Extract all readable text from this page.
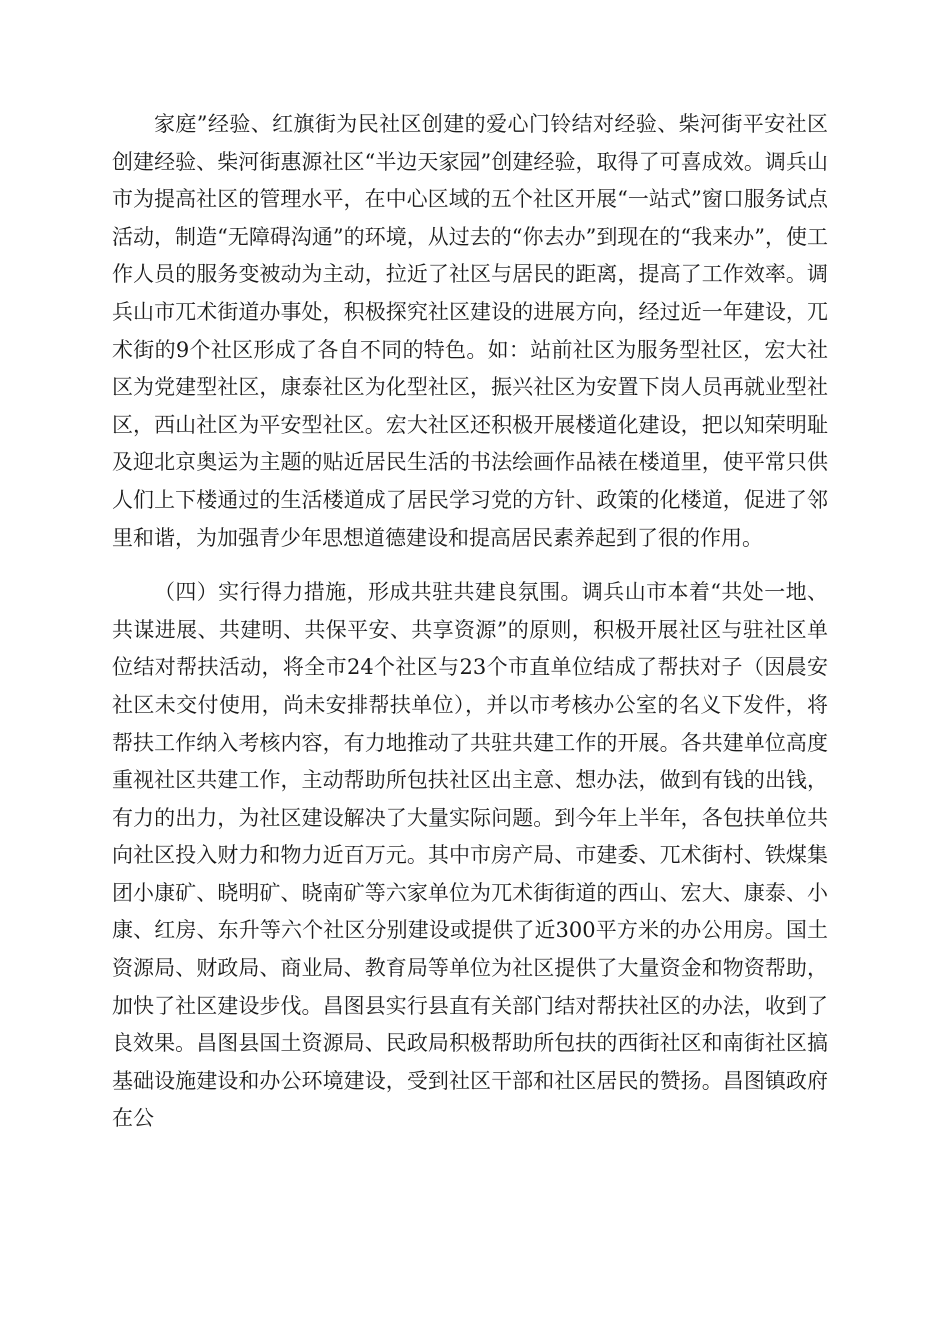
家庭”经验、红旗街为民社区创建的爱心门铃结对经验、柴河街平安社区创建经验、柴河街惠源社区“半边天家园”创建经验，取得了可喜成效。调兵山市为提高社区的管理水平，在中心区域的五个社区开展“一站式”窗口服务试点活动，制造“无障碍沟通”的环境，从过去的“你去办”到现在的“我来办”，使工作人员的服务变被动为主动，拉近了社区与居民的距离，提高了工作效率。调兵山市兀术街道办事处，积极探究社区建设的进展方向，经过近一年建设，兀术街的9个社区形成了各自不同的特色。如：站前社区为服务型社区，宏大社区为党建型社区，康泰社区为化型社区，振兴社区为安置下岗人员再就业型社区，西山社区为平安型社区。宏大社区还积极开展楼道化建设，把以知荣明耻及迎北京奥运为主题的贴近居民生活的书法绘画作品裱在楼道里，使平常只供人们上下楼通过的生活楼道成了居民学习党的方针、政策的化楼道，促进了邻里和谐，为加强青少年思想道德建设和提高居民素养起到了很的作用。

（四）实行得力措施，形成共驻共建良氛围。调兵山市本着“共处一地、共谋进展、共建明、共保平安、共享资源”的原则，积极开展社区与驻社区单位结对帮扶活动，将全市24个社区与23个市直单位结成了帮扶对子（因晨安社区未交付使用，尚未安排帮扶单位），并以市考核办公室的名义下发件，将帮扶工作纳入考核内容，有力地推动了共驻共建工作的开展。各共建单位高度重视社区共建工作，主动帮助所包扶社区出主意、想办法，做到有钱的出钱，有力的出力，为社区建设解决了大量实际问题。到今年上半年，各包扶单位共向社区投入财力和物力近百万元。其中市房产局、市建委、兀术街村、铁煤集团小康矿、晓明矿、晓南矿等六家单位为兀术街街道的西山、宏大、康泰、小康、红房、东升等六个社区分别建设或提供了近300平方米的办公用房。国土资源局、财政局、商业局、教育局等单位为社区提供了大量资金和物资帮助，加快了社区建设步伐。昌图县实行县直有关部门结对帮扶社区的办法，收到了良效果。昌图县国土资源局、民政局积极帮助所包扶的西街社区和南街社区搞基础设施建设和办公环境建设，受到社区干部和社区居民的赞扬。昌图镇政府在公
